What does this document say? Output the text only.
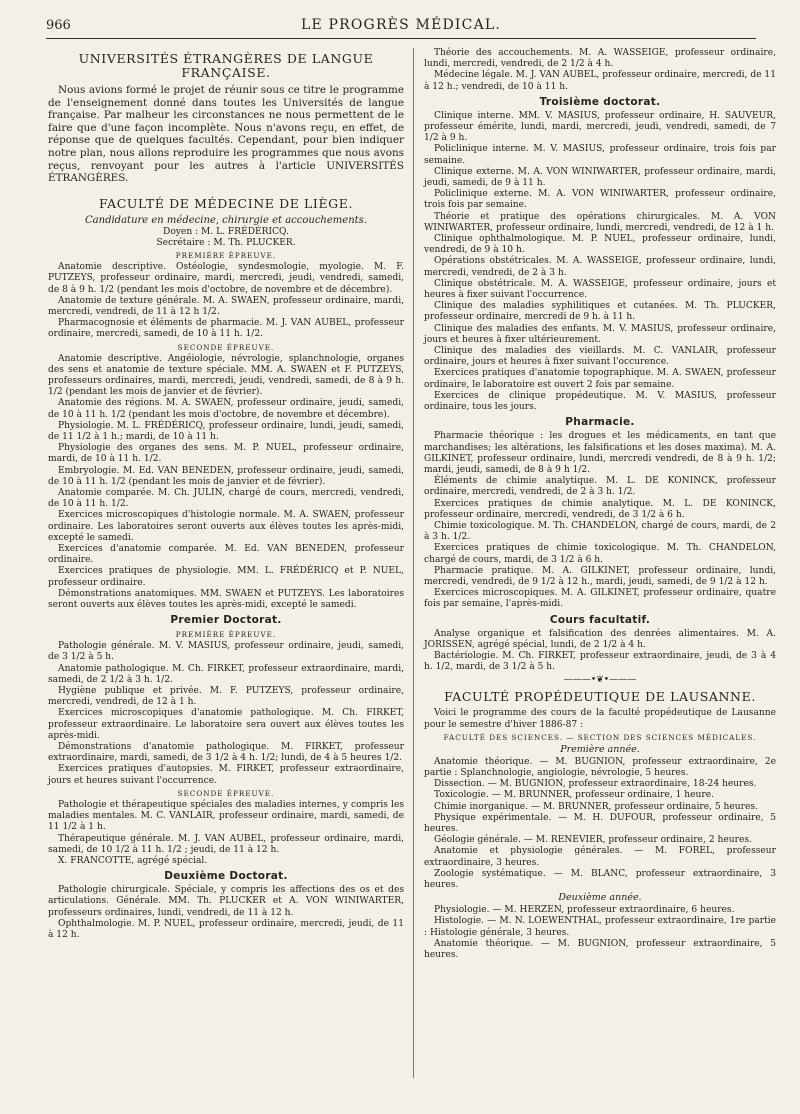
966	LE PROGRÈS MÉDICAL.
UNIVERSITÉS ÉTRANGÈRES DE LANGUE FRANÇAISE.

Nous avions formé le projet de réunir sous ce titre le programme de l'enseignement donné dans toutes les Universités de langue française. Par malheur les circonstances ne nous permettent de le faire que d'une façon incomplète. Nous n'avons reçu, en effet, de réponse que de quelques facultés. Cependant, pour bien indiquer notre plan, nous allons reproduire les programmes que nous avons reçus, renvoyant pour les autres à l'article UNIVERSITÉS ÉTRANGÈRES.

FACULTÉ DE MÉDECINE DE LIÈGE.
Candidature en médecine, chirurgie et accouchements.
Doyen : M. L. FRÉDÉRICQ.
Secrétaire : M. Th. PLUCKER.
PREMIÈRE ÉPREUVE.

Anatomie descriptive. Ostéologie, syndesmologie, myologie. M. F. PUTZEYS, professeur ordinaire, mardi, mercredi, jeudi, vendredi, samedi, de 8 à 9 h. 1/2 (pendant les mois d'octobre, de novembre et de décembre).

Anatomie de texture générale. M. A. SWAEN, professeur ordinaire, mardi, mercredi, vendredi, de 11 à 12 h 1/2.

Pharmacognosie et éléments de pharmacie. M. J. VAN AUBEL, professeur ordinaire, mercredi, samedi, de 10 à 11 h. 1/2.

SECONDE ÉPREUVE.

Anatomie descriptive. Angéiologie, névrologie, splanchnologie, organes des sens et anatomie de texture spéciale. MM. A. SWAEN et F. PUTZEYS, professeurs ordinaires, mardi, mercredi, jeudi, vendredi, samedi, de 8 à 9 h. 1/2 (pendant les mois de janvier et de février).

Anatomie des régions. M. A. SWAEN, professeur ordinaire, jeudi, samedi, de 10 à 11 h. 1/2 (pendant les mois d'octobre, de novembre et décembre).

Physiologie. M. L. FRÉDÉRICQ, professeur ordinaire, lundi, jeudi, samedi, de 11 1/2 à 1 h.; mardi, de 10 à 11 h.

Physiologie des organes des sens. M. P. NUEL, professeur ordinaire, mardi, de 10 à 11 h. 1/2.

Embryologie. M. Ed. VAN BENEDEN, professeur ordinaire, jeudi, samedi, de 10 à 11 h. 1/2 (pendant les mois de janvier et de février).

Anatomie comparée. M. Ch. JULIN, chargé de cours, mercredi, vendredi, de 10 à 11 h. 1/2.

Exercices microscopiques d'histologie normale. M. A. SWAEN, professeur ordinaire. Les laboratoires seront ouverts aux élèves toutes les après-midi, excepté le samedi.

Exercices d'anatomie comparée. M. Ed. VAN BENEDEN, professeur ordinaire.

Exercices pratiques de physiologie. MM. L. FRÉDÉRICQ et P. NUEL, professeur ordinaire.

Démonstrations anatomiques. MM. SWAEN et PUTZEYS. Les laboratoires seront ouverts aux élèves toutes les après-midi, excepté le samedi.

Premier Doctorat.
PREMIÈRE ÉPREUVE.

Pathologie générale. M. V. MASIUS, professeur ordinaire, jeudi, samedi, de 3 1/2 à 5 h.

Anatomie pathologique. M. Ch. FIRKET, professeur extraordinaire, mardi, samedi, de 2 1/2 à 3 h. 1/2.

Hygiène publique et privée. M. F. PUTZEYS, professeur ordinaire, mercredi, vendredi, de 12 à 1 h.

Exercices microscopiques d'anatomie pathologique. M. Ch. FIRKET, professeur extraordinaire. Le laboratoire sera ouvert aux élèves toutes les après-midi.

Démonstrations d'anatomie pathologique. M. FIRKET, professeur extraordinaire, mardi, samedi, de 3 1/2 à 4 h. 1/2; lundi, de 4 à 5 heures 1/2.

Exercices pratiques d'autopsies. M. FIRKET, professeur extraordinaire, jours et heures suivant l'occurrence.

SECONDE ÉPREUVE.

Pathologie et thérapeutique spéciales des maladies internes, y compris les maladies mentales. M. C. VANLAIR, professeur ordinaire, mardi, samedi, de 11 1/2 à 1 h.

Thérapeutique générale. M. J. VAN AUBEL, professeur ordinaire, mardi, samedi, de 10 1/2 à 11 h. 1/2 ; jeudi, de 11 à 12 h.

X. FRANCOTTE, agrégé spécial.

Deuxième Doctorat.

Pathologie chirurgicale. Spéciale, y compris les affections des os et des articulations. Générale. MM. Th. PLUCKER et A. VON WINIWARTER, professeurs ordinaires, lundi, vendredi, de 11 à 12 h.

Ophthalmologie. M. P. NUEL, professeur ordinaire, mercredi, jeudi, de 11 à 12 h.

Théorie des accouchements. M. A. WASSEIGE, professeur ordinaire, lundi, mercredi, vendredi, de 2 1/2 à 4 h.

Médecine légale. M. J. VAN AUBEL, professeur ordinaire, mercredi, de 11 à 12 h.; vendredi, de 10 à 11 h.

Troisième doctorat.

Clinique interne. MM. V. MASIUS, professeur ordinaire, H. SAUVEUR, professeur émérite, lundi, mardi, mercredi, jeudi, vendredi, samedi, de 7 1/2 à 9 h.

Policlinique interne. M. V. MASIUS, professeur ordinaire, trois fois par semaine.

Clinique externe. M. A. VON WINIWARTER, professeur ordinaire, mardi, jeudi, samedi, de 9 à 11 h.

Policlinique externe. M. A. VON WINIWARTER, professeur ordinaire, trois fois par semaine.

Théorie et pratique des opérations chirurgicales. M. A. VON WINIWARTER, professeur ordinaire, lundi, mercredi, vendredi, de 12 à 1 h.

Clinique ophthalmologique. M. P. NUEL, professeur ordinaire, lundi, vendredi, de 9 à 10 h.

Opérations obstétricales. M. A. WASSEIGE, professeur ordinaire, lundi, mercredi, vendredi, de 2 à 3 h.

Clinique obstétricale. M. A. WASSEIGE, professeur ordinaire, jours et heures à fixer suivant l'occurrence.

Clinique des maladies syphilitiques et cutanées. M. Th. PLUCKER, professeur ordinaire, mercredi de 9 h. à 11 h.

Clinique des maladies des enfants. M. V. MASIUS, professeur ordinaire, jours et heures à fixer ultérieurement.

Clinique des maladies des vieillards. M. C. VANLAIR, professeur ordinaire, jours et heures à fixer suivant l'occurence.

Exercices pratiques d'anatomie topographique. M. A. SWAEN, professeur ordinaire, le laboratoire est ouvert 2 fois par semaine.

Exercices de clinique propédeutique. M. V. MASIUS, professeur ordinaire, tous les jours.

Pharmacie.

Pharmacie théorique : les drogues et les médicaments, en tant que marchandises; les altérations, les falsifications et les doses maxima). M. A. GILKINET, professeur ordinaire, lundi, mercredi vendredi, de 8 à 9 h. 1/2; mardi, jeudi, samedi, de 8 à 9 h 1/2.

Éléments de chimie analytique. M. L. DE KONINCK, professeur ordinaire, mercredi, vendredi, de 2 à 3 h. 1/2.

Exercices pratiques de chimie analytique. M. L. DE KONINCK, professeur ordinaire, mercredi, vendredi, de 3 1/2 à 6 h.

Chimie toxicologique. M. Th. CHANDELON, chargé de cours, mardi, de 2 à 3 h. 1/2.

Exercices pratiques de chimie toxicologique. M. Th. CHANDELON, chargé de cours, mardi, de 3 1/2 à 6 h.

Pharmacie pratique. M. A. GILKINET, professeur ordinaire, lundi, mercredi, vendredi, de 9 1/2 à 12 h., mardi, jeudi, samedi, de 9 1/2 à 12 h.

Exercices microscopiques. M. A. GILKINET, professeur ordinaire, quatre fois par semaine, l'après-midi.

Cours facultatif.

Analyse organique et falsification des denrées alimentaires. M. A. JORISSEN, agrégé spécial, lundi, de 2 1/2 à 4 h.

Bactériologie. M. Ch. FIRKET, professeur extraordinaire, jeudi, de 3 à 4 h. 1/2, mardi, de 3 1/2 à 5 h.

———•❦•———
FACULTÉ PROPÉDEUTIQUE DE LAUSANNE.

Voici le programme des cours de la faculté propédeutique de Lausanne pour le semestre d'hiver 1886-87 :

FACULTÉ DES SCIENCES. — SECTION DES SCIENCES MÉDICALES.
Première année.

Anatomie théorique. — M. BUGNION, professeur extraordinaire, 2e partie : Splanchnologie, angiologie, névrologie, 5 heures.

Dissection. — M. BUGNION, professeur extraordinaire, 18-24 heures.

Toxicologie. — M. BRUNNER, professeur ordinaire, 1 heure.

Chimie inorganique. — M. BRUNNER, professeur ordinaire, 5 heures.

Physique expérimentale. — M. H. DUFOUR, professeur ordinaire, 5 heures.

Géologie générale. — M. RENEVIER, professeur ordinaire, 2 heures.

Anatomie et physiologie générales. — M. FOREL, professeur extraordinaire, 3 heures.

Zoologie systématique. — M. BLANC, professeur extraordinaire, 3 heures.

Deuxième année.

Physiologie. — M. HERZEN, professeur extraordinaire, 6 heures.

Histologie. — M. N. LOEWENTHAL, professeur extraordinaire, 1re partie : Histologie générale, 3 heures.

Anatomie théorique. — M. BUGNION, professeur extraordinaire, 5 heures.
